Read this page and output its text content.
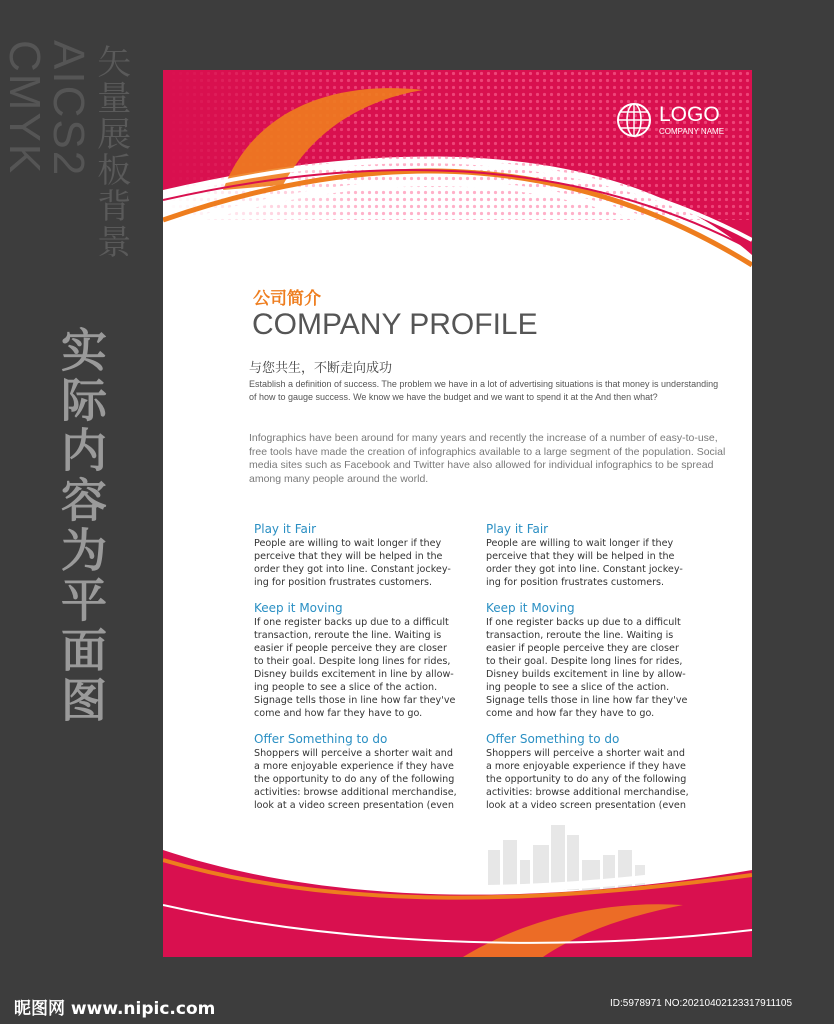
AICS2 CMYK	矢量展板背景
实际内容为平面图
LOGO
COMPANY NAME
公司简介
COMPANY PROFILE
与您共生，不断走向成功
Establish a definition of success. The problem we have in a lot of advertising situations is that money is understanding of how to gauge success. We know we have the budget and we want to spend it at the And then what?
Infographics have been around for many years and recently the increase of a number of easy-to-use, free tools have made the creation of infographics available to a large segment of the population. Social media sites such as Facebook and Twitter have also allowed for individual infographics to be spread among many people around the world.
Play it Fair
People are willing to wait longer if they
perceive that they will be helped in the
order they got into line. Constant jockey-
ing for position frustrates customers.
Keep it Moving
If one register backs up due to a difficult
transaction, reroute the line. Waiting is
easier if people perceive they are closer
to their goal. Despite long lines for rides,
Disney builds excitement in line by allow-
ing people to see a slice of the action.
Signage tells those in line how far they've
come and how far they have to go.
Offer Something to do
Shoppers will perceive a shorter wait and
a more enjoyable experience if they have
the opportunity to do any of the following
activities: browse additional merchandise,
look at a video screen presentation (even
Play it Fair
People are willing to wait longer if they
perceive that they will be helped in the
order they got into line. Constant jockey-
ing for position frustrates customers.
Keep it Moving
If one register backs up due to a difficult
transaction, reroute the line. Waiting is
easier if people perceive they are closer
to their goal. Despite long lines for rides,
Disney builds excitement in line by allow-
ing people to see a slice of the action.
Signage tells those in line how far they've
come and how far they have to go.
Offer Something to do
Shoppers will perceive a shorter wait and
a more enjoyable experience if they have
the opportunity to do any of the following
activities: browse additional merchandise,
look at a video screen presentation (even
昵图网 www.nipic.com	ID:5978971 NO:20210402123317911105
